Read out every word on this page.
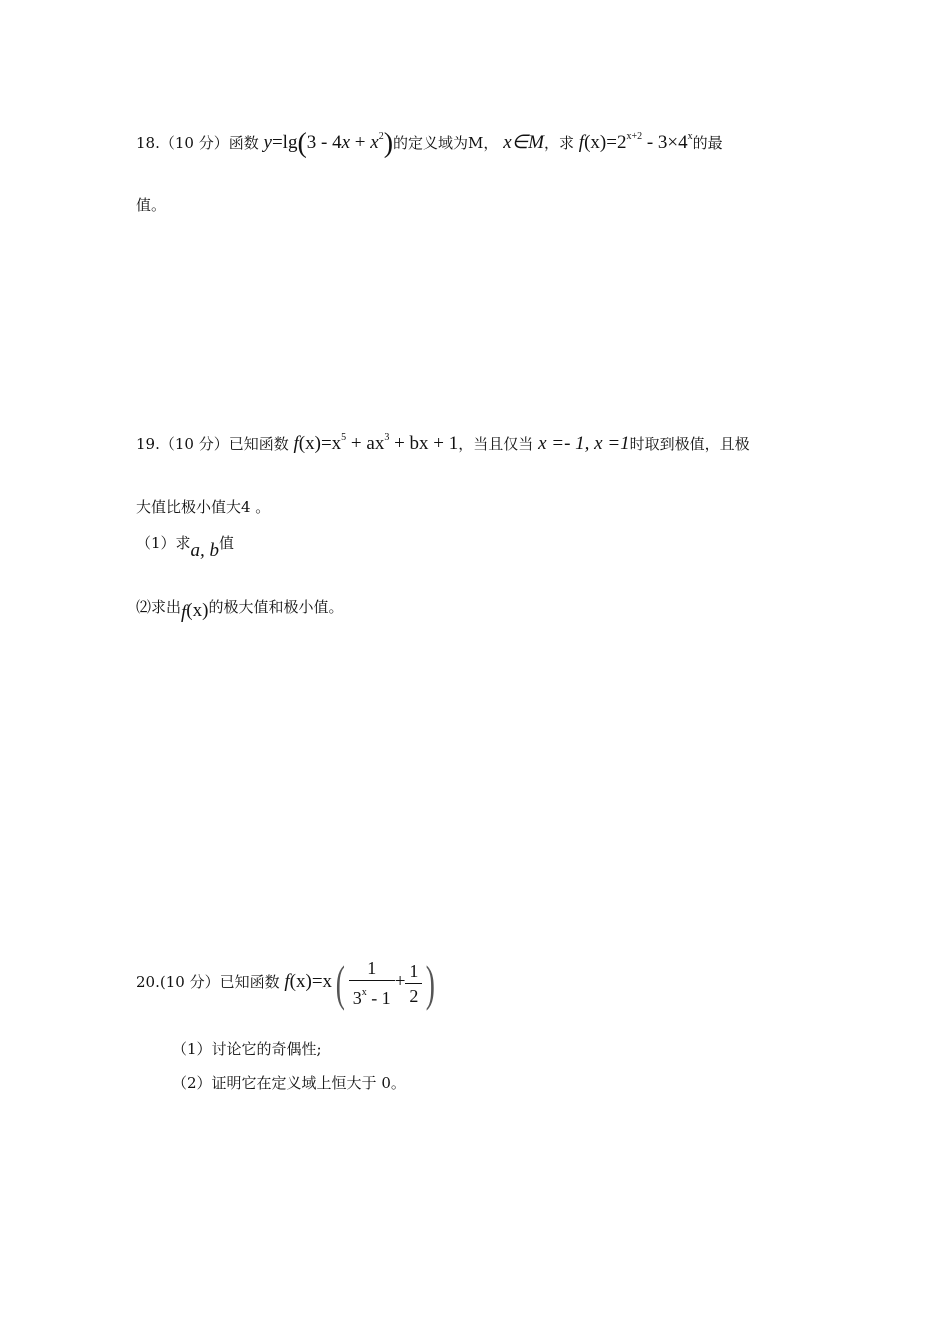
18.（10 分）函数 $y=\lg(3 - 4x + x^2)$的定义域为M， x∈M，求 $f(x)=2^{x+2} - 3\times 4^x$的最
值。
19.（10 分）已知函数 $f(x)=x^5 + ax^3$ + bx + 1，当且仅当 x =- 1, x =1时取到极值，且极
大值比极小值大4 。
（1）求a, b值
⑵求出f(x)的极大值和极小值。
20.(10 分）已知函数 $f(x)=x( \frac{1}{3^x - 1} + \frac{1}{2}$ )
（1）讨论它的奇偶性;
（2）证明它在定义域上恒大于 0。
